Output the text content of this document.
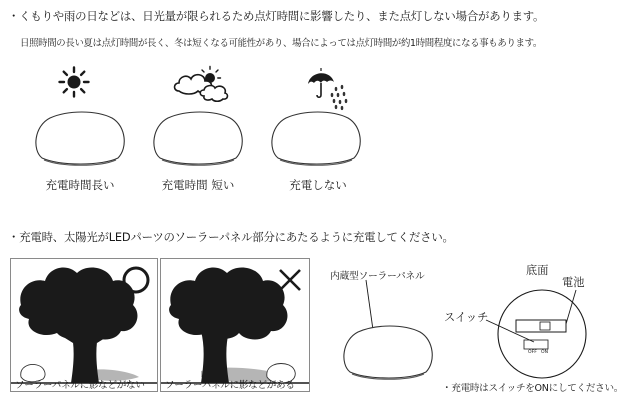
・くもりや雨の日などは、日光量が限られるため点灯時間に影響したり、また点灯しない場合があります。
日照時間の長い夏は点灯時間が長く、冬は短くなる可能性があり、場合によっては点灯時間が約1時間程度になる事もあります。
充電時間長い	充電時間 短い	充電しない
・充電時、太陽光がLEDパーツのソーラーパネル部分にあたるように充電してください。
ソーラーパネルに影などがない ソーラーパネルに影などがある
内蔵型ソーラーパネル	底面
電池
スイッチ
OFF ON
・充電時はスイッチをONにしてください。
